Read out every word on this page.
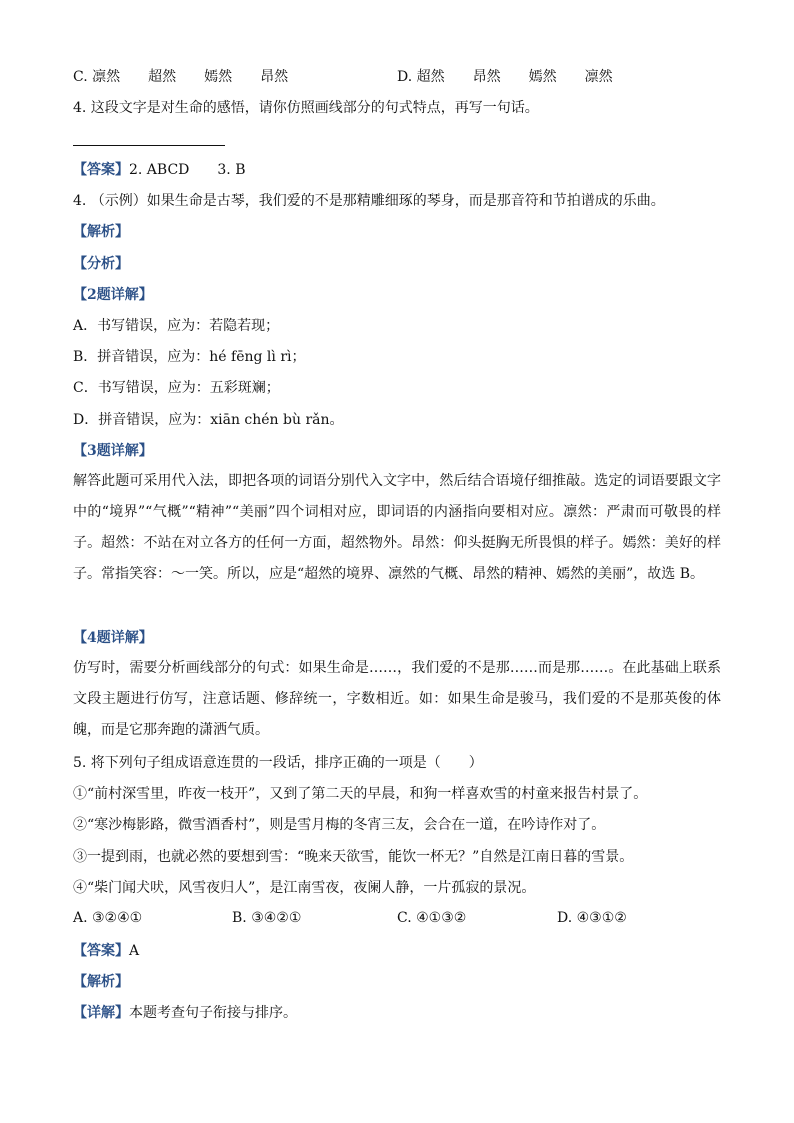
C. 凛然　　超然　　嫣然　　昂然	D. 超然　　昂然　　嫣然　　凛然
4. 这段文字是对生命的感悟，请你仿照画线部分的句式特点，再写一句话。
【答案】2. ABCD　　3. B
4. （示例）如果生命是古琴，我们爱的不是那精雕细琢的琴身，而是那音符和节拍谱成的乐曲。
【解析】
【分析】
【2题详解】
A．书写错误，应为：若隐若现；
B．拼音错误，应为：hé fēng lì rì；
C．书写错误，应为：五彩斑斓；
D．拼音错误，应为：xiān chén bù rǎn。
【3题详解】
解答此题可采用代入法，即把各项的词语分别代入文字中，然后结合语境仔细推敲。选定的词语要跟文字中的“境界”“气概”“精神”“美丽”四个词相对应，即词语的内涵指向要相对应。凛然：严肃而可敬畏的样子。超然：不站在对立各方的任何一方面，超然物外。昂然：仰头挺胸无所畏惧的样子。嫣然：美好的样子。常指笑容：～一笑。所以，应是“超然的境界、凛然的气概、昂然的精神、嫣然的美丽”，故选 B。
【4题详解】
仿写时，需要分析画线部分的句式：如果生命是……，我们爱的不是那……而是那……。在此基础上联系文段主题进行仿写，注意话题、修辞统一，字数相近。如：如果生命是骏马，我们爱的不是那英俊的体魄，而是它那奔跑的潇洒气质。
5. 将下列句子组成语意连贯的一段话，排序正确的一项是（　　）
①“前村深雪里，昨夜一枝开”，又到了第二天的早晨，和狗一样喜欢雪的村童来报告村景了。
②“寒沙梅影路，微雪酒香村”，则是雪月梅的冬宵三友，会合在一道，在吟诗作对了。
③一提到雨，也就必然的要想到雪：“晚来天欲雪，能饮一杯无？”自然是江南日暮的雪景。
④“柴门闻犬吠，风雪夜归人”，是江南雪夜，夜阑人静，一片孤寂的景况。
A. ③②④①	B. ③④②①	C. ④①③②	D. ④③①②
【答案】A
【解析】
【详解】本题考查句子衔接与排序。
